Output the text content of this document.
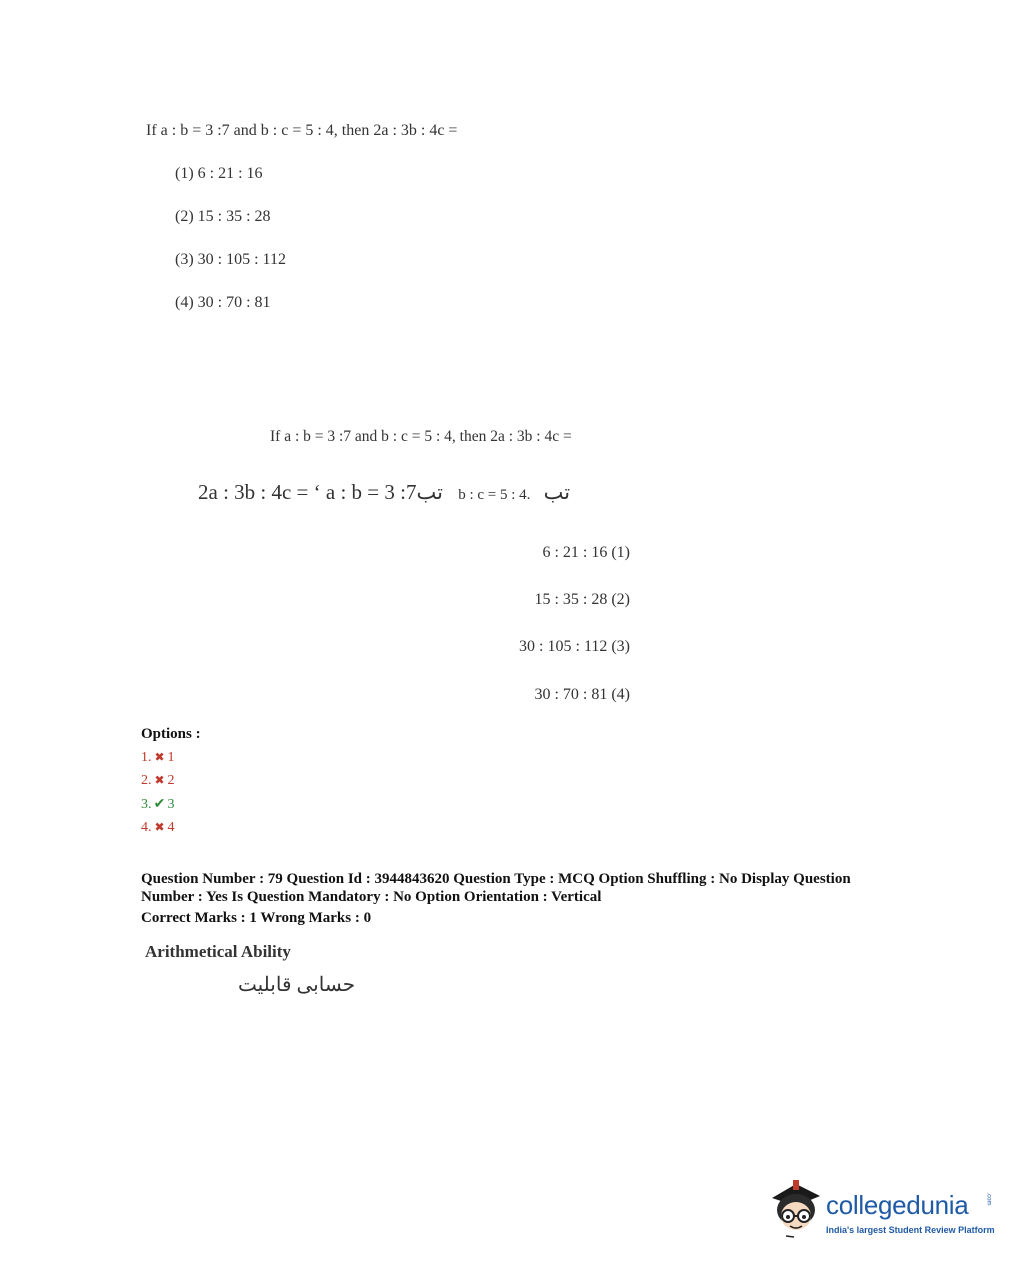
If a : b = 3 :7 and b : c = 5 : 4, then 2a : 3b : 4c =
(1) 6 : 21 : 16
(2) 15 : 35 : 28
(3) 30 : 105 : 112
(4) 30 : 70 : 81
If a : b = 3 :7 and b : c = 5 : 4, then 2a : 3b : 4c =
2a : 3b : 4c = ‘ a : b = 3 :7تب b : c = 5 : 4. تب
6 : 21 : 16 (1)
15 : 35 : 28 (2)
30 : 105 : 112 (3)
30 : 70 : 81 (4)
Options :
1. ✖ 1
2. ✖ 2
3. ✔ 3
4. ✖ 4
Question Number : 79 Question Id : 3944843620 Question Type : MCQ Option Shuffling : No Display Question
Number : Yes Is Question Mandatory : No Option Orientation : Vertical
Correct Marks : 1 Wrong Marks : 0
Arithmetical Ability
حسابی قابلیت
collegedunia	.com
India's largest Student Review Platform
